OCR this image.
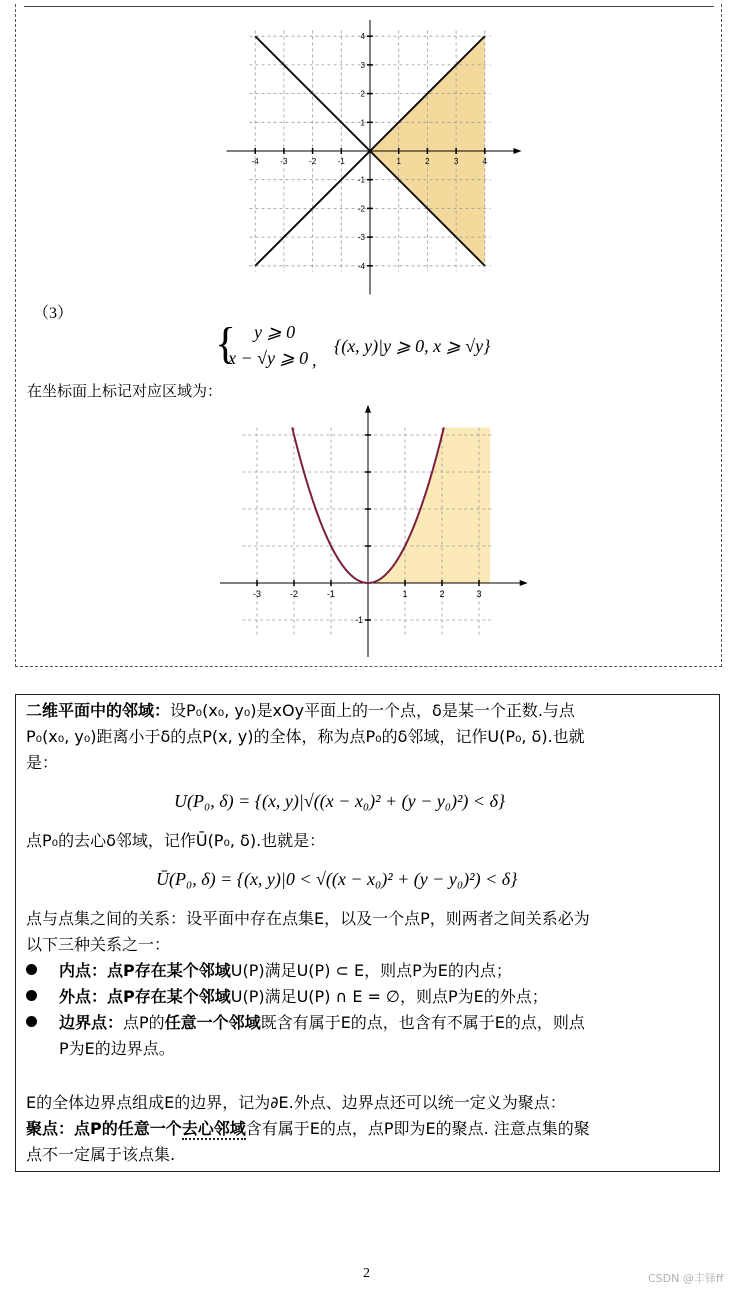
-4	-3	-2	-1	1	2	3	4
4
3
2
1
-1
-2
-3
-4
（3）
{ y ⩾ 0
x − √y ⩾ 0 ,
{(x, y)|y ⩾ 0, x ⩾ √y}
在坐标面上标记对应区域为：
-3	-2	-1	1	2	3
-1
二维平面中的邻域：设P₀(x₀, y₀)是xOy平面上的一个点，δ是某一个正数.与点
P₀(x₀, y₀)距离小于δ的点P(x, y)的全体，称为点P₀的δ邻域，记作U(P₀, δ).也就
是：
U(P₀, δ) = {(x, y)|√((x − x₀)² + (y − y₀)²) < δ}
点P₀的去心δ邻域，记作Ū(P₀, δ).也就是：
Ū(P₀, δ) = {(x, y)|0 < √((x − x₀)² + (y − y₀)²) < δ}
点与点集之间的关系：设平面中存在点集E，以及一个点P，则两者之间关系必为
以下三种关系之一：
内点：点P存在某个邻域U(P)满足U(P) ⊂ E，则点P为E的内点；
外点：点P存在某个邻域U(P)满足U(P) ∩ E = ∅，则点P为E的外点；
边界点：点P的任意一个邻域既含有属于E的点，也含有不属于E的点，则点
P为E的边界点。
E的全体边界点组成E的边界，记为∂E.外点、边界点还可以统一定义为聚点：
聚点：点P的任意一个去心邻域含有属于E的点，点P即为E的聚点. 注意点集的聚
点不一定属于该点集.
2	CSDN @丰铎ff
